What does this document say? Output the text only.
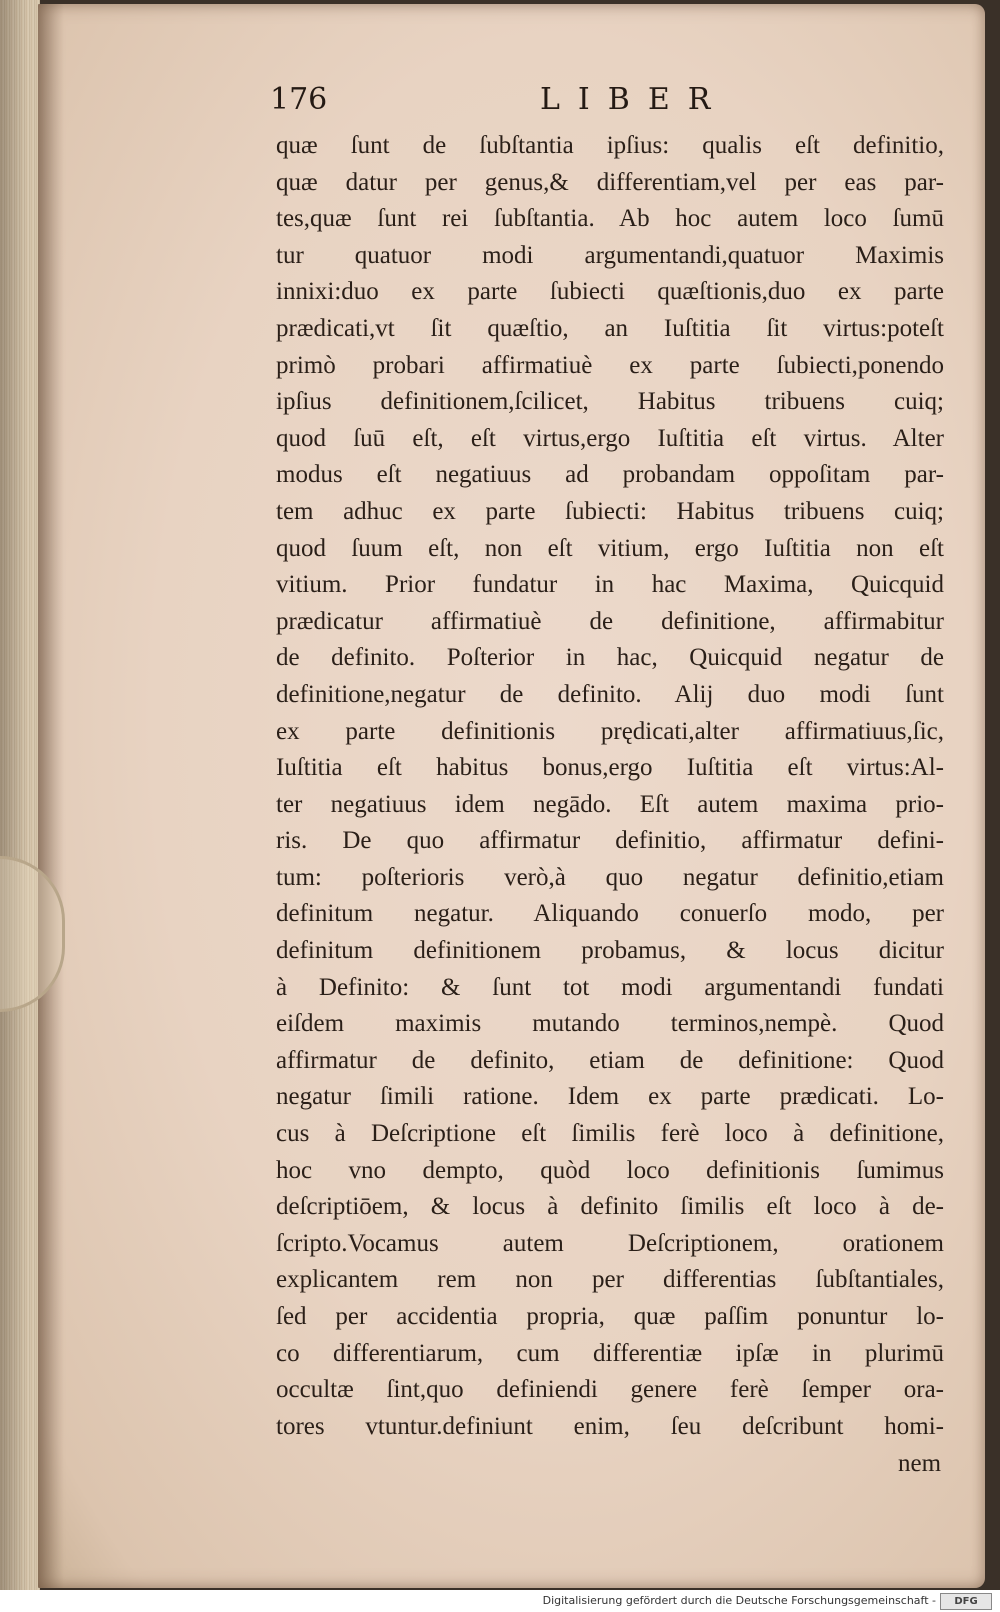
176	LIBER
quæ ſunt de ſubſtantia ipſius: qualis eſt definitio,
quæ datur per genus,& differentiam,vel per eas par-
tes,quæ ſunt rei ſubſtantia. Ab hoc autem loco ſumū
tur quatuor modi argumentandi,quatuor Maximis
innixi:duo ex parte ſubiecti quæſtionis,duo ex parte
prædicati,vt ſit quæſtio, an Iuſtitia ſit virtus:poteſt
primò probari affirmatiuè ex parte ſubiecti,ponendo
ipſius definitionem,ſcilicet, Habitus tribuens cuiq;
quod ſuū eſt, eſt virtus,ergo Iuſtitia eſt virtus. Alter
modus eſt negatiuus ad probandam oppoſitam par-
tem adhuc ex parte ſubiecti: Habitus tribuens cuiq;
quod ſuum eſt, non eſt vitium, ergo Iuſtitia non eſt
vitium. Prior fundatur in hac Maxima, Quicquid
prædicatur affirmatiuè de definitione, affirmabitur
de definito. Poſterior in hac, Quicquid negatur de
definitione,negatur de definito. Alij duo modi ſunt
ex parte definitionis prędicati,alter affirmatiuus,ſic,
Iuſtitia eſt habitus bonus,ergo Iuſtitia eſt virtus:Al-
ter negatiuus idem negādo. Eſt autem maxima prio-
ris. De quo affirmatur definitio, affirmatur defini-
tum: poſterioris verò,à quo negatur definitio,etiam
definitum negatur. Aliquando conuerſo modo, per
definitum definitionem probamus, & locus dicitur
à Definito: & ſunt tot modi argumentandi fundati
eiſdem maximis mutando terminos,nempè. Quod
affirmatur de definito, etiam de definitione: Quod
negatur ſimili ratione. Idem ex parte prædicati. Lo-
cus à Deſcriptione eſt ſimilis ferè loco à definitione,
hoc vno dempto, quòd loco definitionis ſumimus
deſcriptiōem, & locus à definito ſimilis eſt loco à de-
ſcripto.Vocamus autem Deſcriptionem, orationem
explicantem rem non per differentias ſubſtantiales,
ſed per accidentia propria, quæ paſſim ponuntur lo-
co differentiarum, cum differentiæ ipſæ in plurimū
occultæ ſint,quo definiendi genere ferè ſemper ora-
tores vtuntur.definiunt enim, ſeu deſcribunt homi-
nem
Digitalisierung gefördert durch die Deutsche Forschungsgemeinschaft -	DFG
